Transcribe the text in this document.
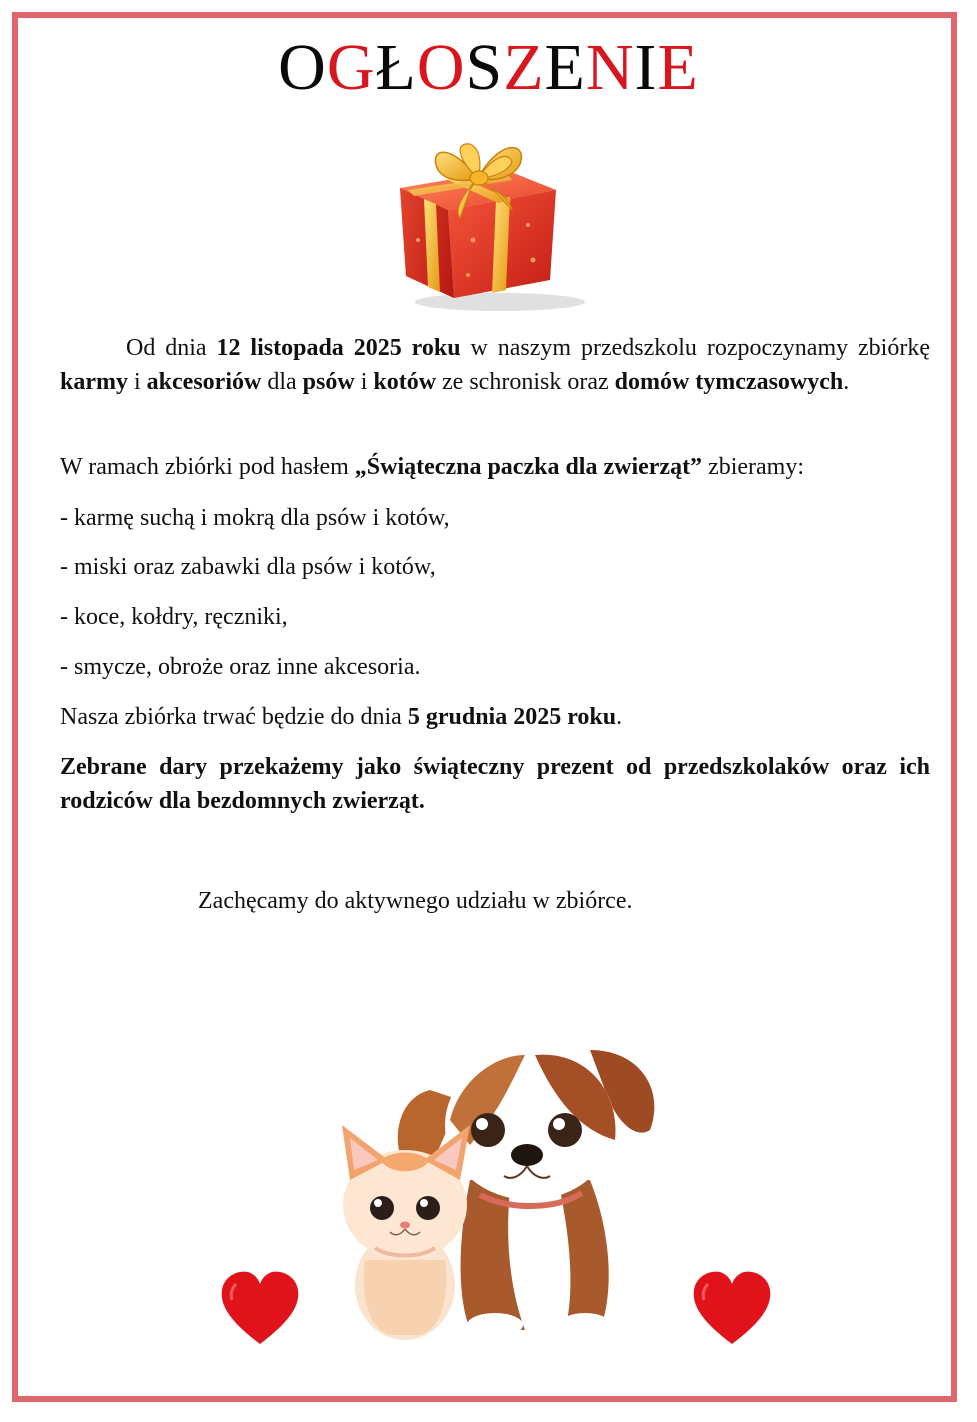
OGŁOSZENIE
Od dnia 12 listopada 2025 roku w naszym przedszkolu rozpoczynamy zbiórkę karmy i akcesoriów dla psów i kotów ze schronisk oraz domów tymczasowych.
W ramach zbiórki pod hasłem „Świąteczna paczka dla zwierząt” zbieramy:
- karmę suchą i mokrą dla psów i kotów,
- miski oraz zabawki dla psów i kotów,
- koce, kołdry, ręczniki,
- smycze, obroże oraz inne akcesoria.
Nasza zbiórka trwać będzie do dnia 5 grudnia 2025 roku.
Zebrane dary przekażemy jako świąteczny prezent od przedszkolaków oraz ich rodziców dla bezdomnych zwierząt.
Zachęcamy do aktywnego udziału w zbiórce.
